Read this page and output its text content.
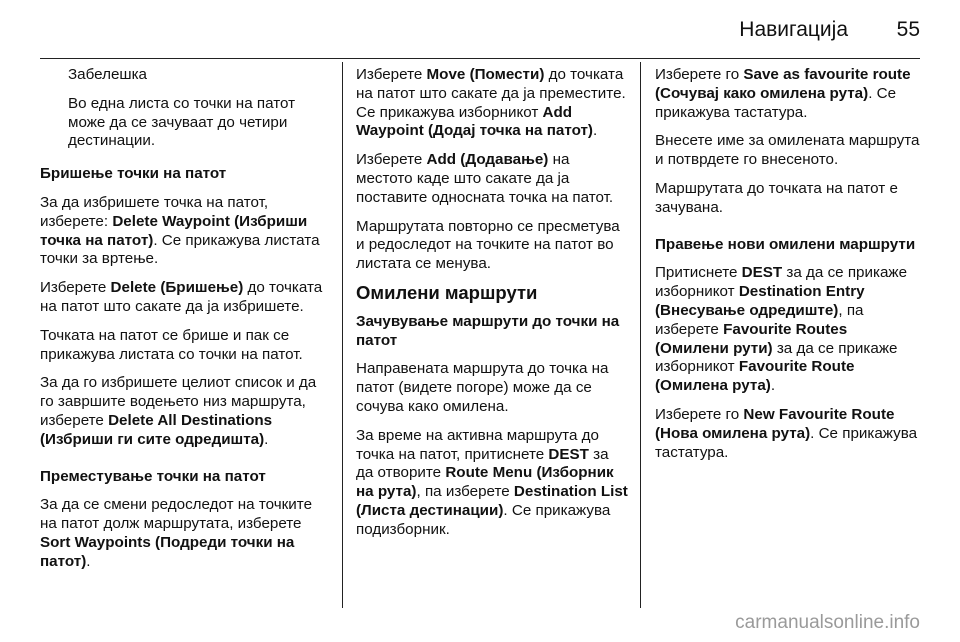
Навигација 55

Забелешка

Во една листа со точки на патот може да се зачуваат до четири дестинации.

Бришење точки на патот

За да избришете точка на патот, изберете: Delete Waypoint (Избриши точка на патот). Се прикажува листата точки за вртење.

Изберете Delete (Бришење) до точката на патот што сакате да ја избришете.

Точката на патот се брише и пак се прикажува листата со точки на патот.

За да го избришете целиот список и да го завршите водењето низ маршрута, изберете Delete All Destinations (Избриши ги сите одредишта).

Преместување точки на патот

За да се смени редоследот на точките на патот долж маршрутата, изберете Sort Waypoints (Подреди точки на патот).

Изберете Move (Помести) до точката на патот што сакате да ја преместите. Се прикажува изборникот Add Waypoint (Додај точка на патот).

Изберете Add (Додавање) на местото каде што сакате да ја поставите односната точка на патот.

Маршрутата повторно се пресметува и редоследот на точките на патот во листата се менува.

Омилени маршрути

Зачувување маршрути до точки на патот

Направената маршрута до точка на патот (видете погоре) може да се сочува како омилена.

За време на активна маршрута до точка на патот, притиснете DEST за да отворите Route Menu (Изборник на рута), па изберете Destination List (Листа дестинации). Се прикажува подизборник.

Изберете го Save as favourite route (Сочувај како омилена рута). Се прикажува тастатура.

Внесете име за омилената маршрута и потврдете го внесеното.

Маршрутата до точката на патот е зачувана.

Правење нови омилени маршрути

Притиснете DEST за да се прикаже изборникот Destination Entry (Внесување одредиште), па изберете Favourite Routes (Омилени рути) за да се прикаже изборникот Favourite Route (Омилена рута).

Изберете го New Favourite Route (Нова омилена рута). Се прикажува тастатура.

carmanualsonline.info
